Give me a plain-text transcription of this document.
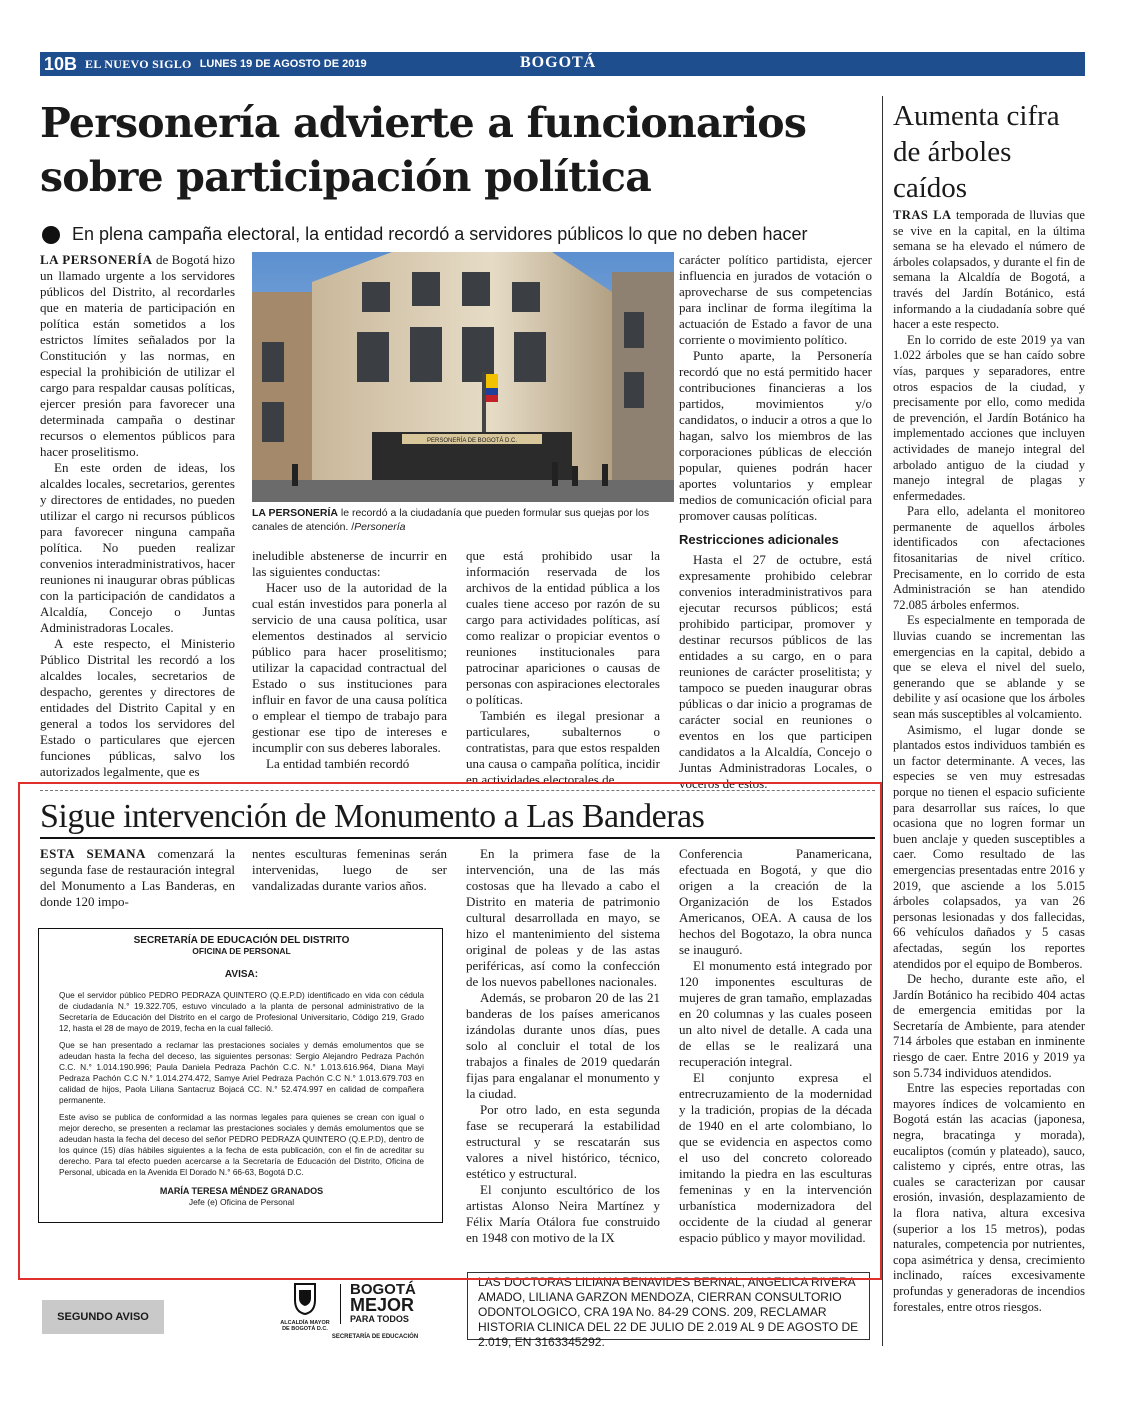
10B EL NUEVO SIGLO LUNES 19 DE AGOSTO DE 2019	BOGOTÁ
Personería advierte a funcionarios sobre participación política
En plena campaña electoral, la entidad recordó a servidores públicos lo que no deben hacer

LA PERSONERÍA de Bogotá hizo un llamado urgente a los servidores públicos del Distrito, al recordarles que en materia de participación en política están sometidos a los estrictos límites señalados por la Constitución y las normas, en especial la prohibición de utilizar el cargo para respaldar causas políticas, ejercer presión para favorecer una determinada campaña o destinar recursos o elementos públicos para hacer proselitismo.

En este orden de ideas, los alcaldes locales, secretarios, gerentes y directores de entidades, no pueden utilizar el cargo ni recursos públicos para favorecer ninguna campaña política. No pueden realizar convenios interadministrativos, hacer reuniones ni inaugurar obras públicas con la participación de candidatos a Alcaldía, Concejo o Juntas Administradoras Locales.

A este respecto, el Ministerio Público Distrital les recordó a los alcaldes locales, secretarios de despacho, gerentes y directores de entidades del Distrito Capital y en general a todos los servidores del Estado o particulares que ejercen funciones públicas, salvo los autorizados legalmente, que es

PERSONERÍA DE BOGOTÁ D.C.
LA PERSONERÍA le recordó a la ciudadanía que pueden formular sus quejas por los canales de atención. /Personería

ineludible abstenerse de incurrir en las siguientes conductas:

Hacer uso de la autoridad de la cual están investidos para ponerla al servicio de una causa política, usar elementos destinados al servicio público para hacer proselitismo; utilizar la capacidad contractual del Estado o sus instituciones para influir en favor de una causa política o emplear el tiempo de trabajo para gestionar ese tipo de intereses e incumplir con sus deberes laborales.

La entidad también recordó

que está prohibido usar la información reservada de los archivos de la entidad pública a los cuales tiene acceso por razón de su cargo para actividades políticas, así como realizar o propiciar eventos o reuniones institucionales para patrocinar apariciones o causas de personas con aspiraciones electorales o políticas.

También es ilegal presionar a particulares, subalternos o contratistas, para que estos respalden una causa o campaña política, incidir en actividades electorales de

carácter político partidista, ejercer influencia en jurados de votación o aprovecharse de sus competencias para inclinar de forma ilegítima la actuación de Estado a favor de una corriente o movimiento político.

Punto aparte, la Personería recordó que no está permitido hacer contribuciones financieras a los partidos, movimientos y/o candidatos, o inducir a otros a que lo hagan, salvo los miembros de las corporaciones públicas de elección popular, quienes podrán hacer aportes voluntarios y emplear medios de comunicación oficial para promover causas políticas.

Restricciones adicionales

Hasta el 27 de octubre, está expresamente prohibido celebrar convenios interadministrativos para ejecutar recursos públicos; está prohibido participar, promover y destinar recursos públicos de las entidades a su cargo, en o para reuniones de carácter proselitista; y tampoco se pueden inaugurar obras públicas o dar inicio a programas de carácter social en reuniones o eventos en los que participen candidatos a la Alcaldía, Concejo o Juntas Administradoras Locales, o voceros de estos.

Aumenta cifra de árboles caídos

TRAS LA temporada de lluvias que se vive en la capital, en la última semana se ha elevado el número de árboles colapsados, y durante el fin de semana la Alcaldía de Bogotá, a través del Jardín Botánico, está informando a la ciudadanía sobre qué hacer a este respecto.

En lo corrido de este 2019 ya van 1.022 árboles que se han caído sobre vías, parques y separadores, entre otros espacios de la ciudad, y precisamente por ello, como medida de prevención, el Jardín Botánico ha implementado acciones que incluyen actividades de manejo integral del arbolado antiguo de la ciudad y manejo integral de plagas y enfermedades.

Para ello, adelanta el monitoreo permanente de aquellos árboles identificados con afectaciones fitosanitarias de nivel crítico. Precisamente, en lo corrido de esta Administración se han atendido 72.085 árboles enfermos.

Es especialmente en temporada de lluvias cuando se incrementan las emergencias en la capital, debido a que se eleva el nivel del suelo, generando que se ablande y se debilite y así ocasione que los árboles sean más susceptibles al volcamiento.

Asimismo, el lugar donde se plantados estos individuos también es un factor determinante. A veces, las especies se ven muy estresadas porque no tienen el espacio suficiente para desarrollar sus raíces, lo que ocasiona que no logren formar un buen anclaje y queden susceptibles a caer. Como resultado de las emergencias presentadas entre 2016 y 2019, que asciende a los 5.015 árboles colapsados, ya van 26 personas lesionadas y dos fallecidas, 66 vehículos dañados y 5 casas afectadas, según los reportes atendidos por el equipo de Bomberos.

De hecho, durante este año, el Jardín Botánico ha recibido 404 actas de emergencia emitidas por la Secretaría de Ambiente, para atender 714 árboles que estaban en inminente riesgo de caer. Entre 2016 y 2019 ya son 5.734 individuos atendidos.

Entre las especies reportadas con mayores índices de volcamiento en Bogotá están las acacias (japonesa, negra, bracatinga y morada), eucaliptos (común y plateado), sauco, calistemo y ciprés, entre otras, las cuales se caracterizan por causar erosión, invasión, desplazamiento de la flora nativa, altura excesiva (superior a los 15 metros), podas naturales, competencia por nutrientes, copa asimétrica y densa, crecimiento inclinado, raíces excesivamente profundas y generadoras de incendios forestales, entre otros riesgos.

Sigue intervención de Monumento a Las Banderas

ESTA SEMANA comenzará la segunda fase de restauración integral del Monumento a Las Banderas, en donde 120 impo-

nentes esculturas femeninas serán intervenidas, luego de ser vandalizadas durante varios años.

En la primera fase de la intervención, una de las más costosas que ha llevado a cabo el Distrito en materia de patrimonio cultural desarrollada en mayo, se hizo el mantenimiento del sistema original de poleas y de las astas periféricas, así como la confección de los nuevos pabellones nacionales.

Además, se probaron 20 de las 21 banderas de los países americanos izándolas durante unos días, pues solo al concluir el total de los trabajos a finales de 2019 quedarán fijas para engalanar el monumento y la ciudad.

Por otro lado, en esta segunda fase se recuperará la estabilidad estructural y se rescatarán sus valores a nivel histórico, técnico, estético y estructural.

El conjunto escultórico de los artistas Alonso Neira Martínez y Félix María Otálora fue construido en 1948 con motivo de la IX

Conferencia Panamericana, efectuada en Bogotá, y que dio origen a la creación de la Organización de los Estados Americanos, OEA. A causa de los hechos del Bogotazo, la obra nunca se inauguró.

El monumento está integrado por 120 imponentes esculturas de mujeres de gran tamaño, emplazadas en 20 columnas y las cuales poseen un alto nivel de detalle. A cada una de ellas se le realizará una recuperación integral.

El conjunto expresa el entrecruzamiento de la modernidad y la tradición, propias de la década de 1940 en el arte colombiano, lo que se evidencia en aspectos como el uso del concreto coloreado imitando la piedra en las esculturas femeninas y en la intervención urbanística modernizadora del occidente de la ciudad al generar espacio público y mayor movilidad.

SECRETARÍA DE EDUCACIÓN DEL DISTRITO
OFICINA DE PERSONAL
AVISA:

Que el servidor público PEDRO PEDRAZA QUINTERO (Q.E.P.D) identificado en vida con cédula de ciudadanía N.° 19.322.705, estuvo vinculado a la planta de personal administrativo de la Secretaría de Educación del Distrito en el cargo de Profesional Universitario, Código 219, Grado 12, hasta el 28 de mayo de 2019, fecha en la cual falleció.

Que se han presentado a reclamar las prestaciones sociales y demás emolumentos que se adeudan hasta la fecha del deceso, las siguientes personas: Sergio Alejandro Pedraza Pachón C.C. N.° 1.014.190.996; Paula Daniela Pedraza Pachón C.C. N.° 1.013.616.964, Diana Mayi Pedraza Pachón C.C N.° 1.014.274.472, Samye Ariel Pedraza Pachón C.C N.° 1.013.679.703 en calidad de hijos, Paola Liliana Santacruz Bojacá CC. N.° 52.474.997 en calidad de compañera permanente.

Este aviso se publica de conformidad a las normas legales para quienes se crean con igual o mejor derecho, se presenten a reclamar las prestaciones sociales y demás emolumentos que se adeudan hasta la fecha del deceso del señor PEDRO PEDRAZA QUINTERO (Q.E.P.D), dentro de los quince (15) días hábiles siguientes a la fecha de esta publicación, con el fin de acreditar su derecho. Para tal efecto pueden acercarse a la Secretaría de Educación del Distrito, Oficina de Personal, ubicada en la Avenida El Dorado N.° 66-63, Bogotá D.C.

MARÍA TERESA MÉNDEZ GRANADOS
Jefe (e) Oficina de Personal
SEGUNDO AVISO	ALCALDÍA MAYOR DE BOGOTÁ D.C.
BOGOTÁ
MEJOR
PARA TODOS
SECRETARÍA DE EDUCACIÓN
LAS DOCTORAS LILIANA BENAVIDES BERNAL, ANGELICA RIVERA AMADO, LILIANA GARZON MENDOZA, CIERRAN CONSULTORIO ODONTOLOGICO, CRA 19A No. 84-29 CONS. 209, RECLAMAR HISTORIA CLINICA DEL 22 DE JULIO DE 2.019 AL 9 DE AGOSTO DE 2.019, EN 3163345292.
